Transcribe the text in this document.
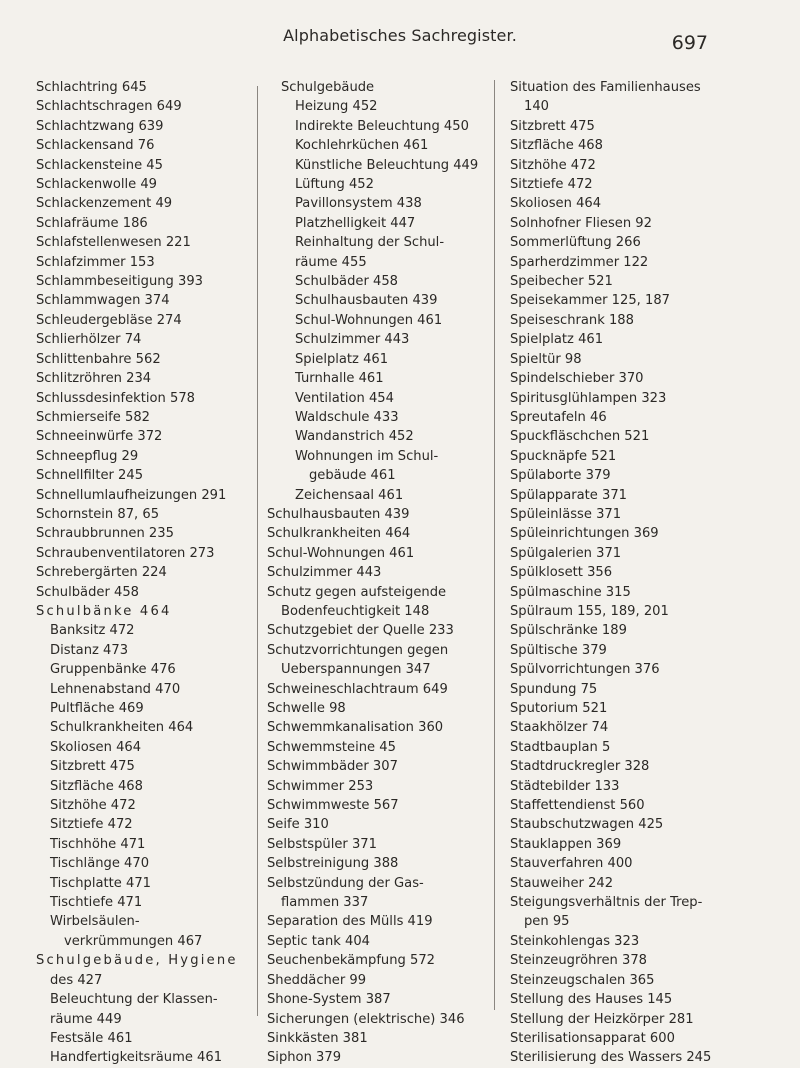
Alphabetisches Sachregister.	697
Schlachtring 645
Schlachtschragen 649
Schlachtzwang 639
Schlackensand 76
Schlackensteine 45
Schlackenwolle 49
Schlackenzement 49
Schlafräume 186
Schlafstellenwesen 221
Schlafzimmer 153
Schlammbeseitigung 393
Schlammwagen 374
Schleudergebläse 274
Schlierhölzer 74
Schlittenbahre 562
Schlitzröhren 234
Schlussdesinfektion 578
Schmierseife 582
Schneeinwürfe 372
Schneepflug 29
Schnellfilter 245
Schnellumlaufheizungen 291
Schornstein 87, 65
Schraubbrunnen 235
Schraubenventilatoren 273
Schrebergärten 224
Schulbäder 458
Schulbänke 464
Banksitz 472
Distanz 473
Gruppenbänke 476
Lehnenabstand 470
Pultfläche 469
Schulkrankheiten 464
Skoliosen 464
Sitzbrett 475
Sitzfläche 468
Sitzhöhe 472
Sitztiefe 472
Tischhöhe 471
Tischlänge 470
Tischplatte 471
Tischtiefe 471
Wirbelsäulen-
verkrümmungen 467
Schulgebäude, Hygiene
des 427
Beleuchtung der Klassen-
räume 449
Festsäle 461
Handfertigkeitsräume 461
Schulgebäude
Heizung 452
Indirekte Beleuchtung 450
Kochlehrküchen 461
Künstliche Beleuchtung 449
Lüftung 452
Pavillonsystem 438
Platzhelligkeit 447
Reinhaltung der Schul-
räume 455
Schulbäder 458
Schulhausbauten 439
Schul-Wohnungen 461
Schulzimmer 443
Spielplatz 461
Turnhalle 461
Ventilation 454
Waldschule 433
Wandanstrich 452
Wohnungen im Schul-
gebäude 461
Zeichensaal 461
Schulhausbauten 439
Schulkrankheiten 464
Schul-Wohnungen 461
Schulzimmer 443
Schutz gegen aufsteigende
Bodenfeuchtigkeit 148
Schutzgebiet der Quelle 233
Schutzvorrichtungen gegen
Ueberspannungen 347
Schweineschlachtraum 649
Schwelle 98
Schwemmkanalisation 360
Schwemmsteine 45
Schwimmbäder 307
Schwimmer 253
Schwimmweste 567
Seife 310
Selbstspüler 371
Selbstreinigung 388
Selbstzündung der Gas-
flammen 337
Separation des Mülls 419
Septic tank 404
Seuchenbekämpfung 572
Sheddächer 99
Shone-System 387
Sicherungen (elektrische) 346
Sinkkästen 381
Siphon 379
Situation des Familienhauses
140
Sitzbrett 475
Sitzfläche 468
Sitzhöhe 472
Sitztiefe 472
Skoliosen 464
Solnhofner Fliesen 92
Sommerlüftung 266
Sparherdzimmer 122
Speibecher 521
Speisekammer 125, 187
Speiseschrank 188
Spielplatz 461
Spieltür 98
Spindelschieber 370
Spiritusglühlampen 323
Spreutafeln 46
Spuckfläschchen 521
Spucknäpfe 521
Spülaborte 379
Spülapparate 371
Spüleinlässe 371
Spüleinrichtungen 369
Spülgalerien 371
Spülklosett 356
Spülmaschine 315
Spülraum 155, 189, 201
Spülschränke 189
Spültische 379
Spülvorrichtungen 376
Spundung 75
Sputorium 521
Staakhölzer 74
Stadtbauplan 5
Stadtdruckregler 328
Städtebilder 133
Staffettendienst 560
Staubschutzwagen 425
Stauklappen 369
Stauverfahren 400
Stauweiher 242
Steigungsverhältnis der Trep-
pen 95
Steinkohlengas 323
Steinzeugröhren 378
Steinzeugschalen 365
Stellung des Hauses 145
Stellung der Heizkörper 281
Sterilisationsapparat 600
Sterilisierung des Wassers 245
